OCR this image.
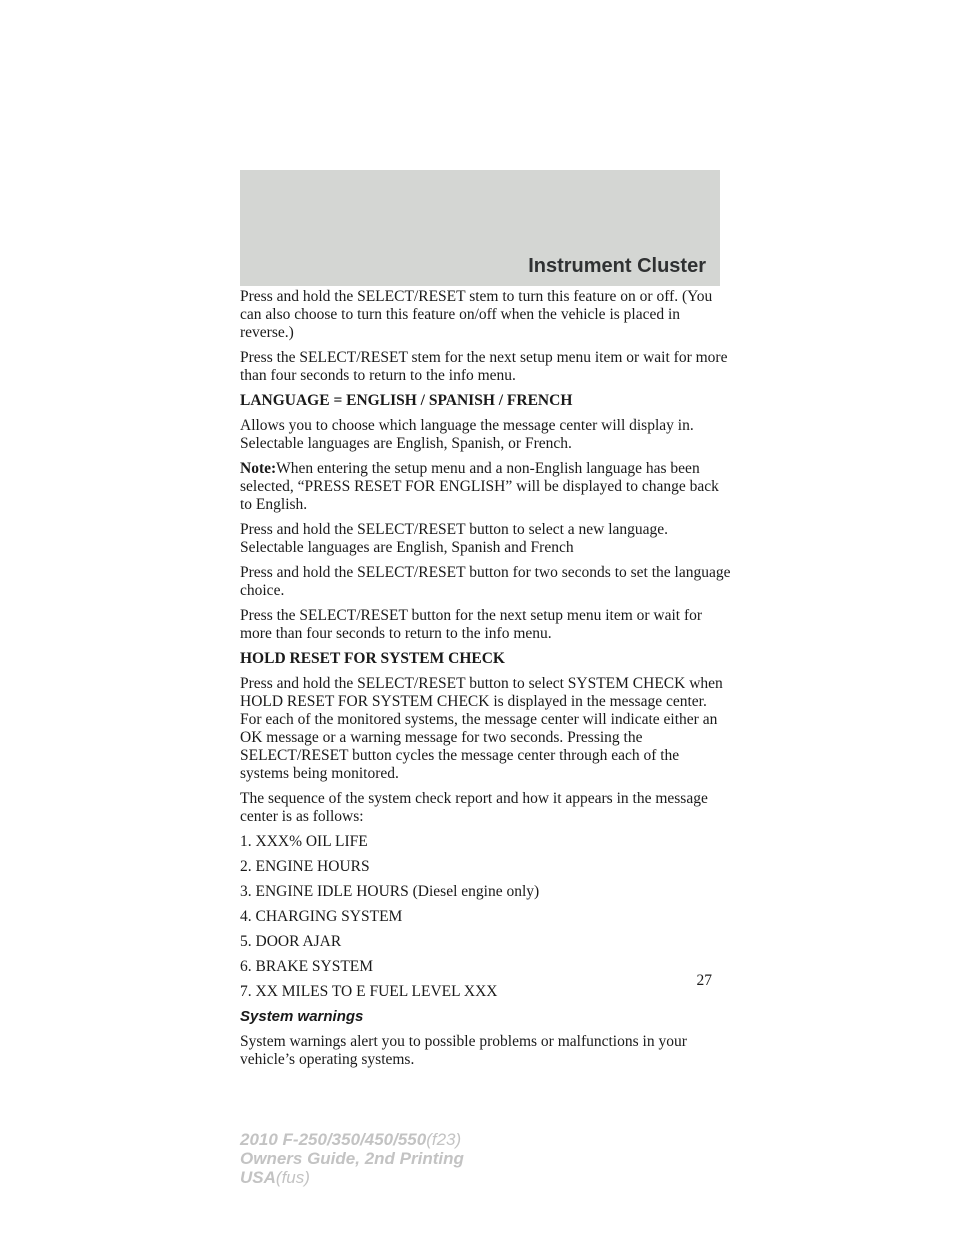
Instrument Cluster

Press and hold the SELECT/RESET stem to turn this feature on or off. (You can also choose to turn this feature on/off when the vehicle is placed in reverse.)

Press the SELECT/RESET stem for the next setup menu item or wait for more than four seconds to return to the info menu.

LANGUAGE = ENGLISH / SPANISH / FRENCH

Allows you to choose which language the message center will display in. Selectable languages are English, Spanish, or French.

Note:When entering the setup menu and a non-English language has been selected, “PRESS RESET FOR ENGLISH” will be displayed to change back to English.

Press and hold the SELECT/RESET button to select a new language. Selectable languages are English, Spanish and French

Press and hold the SELECT/RESET button for two seconds to set the language choice.

Press the SELECT/RESET button for the next setup menu item or wait for more than four seconds to return to the info menu.

HOLD RESET FOR SYSTEM CHECK

Press and hold the SELECT/RESET button to select SYSTEM CHECK when HOLD RESET FOR SYSTEM CHECK is displayed in the message center. For each of the monitored systems, the message center will indicate either an OK message or a warning message for two seconds. Pressing the SELECT/RESET button cycles the message center through each of the systems being monitored.

The sequence of the system check report and how it appears in the message center is as follows:

1. XXX% OIL LIFE

2. ENGINE HOURS

3. ENGINE IDLE HOURS (Diesel engine only)

4. CHARGING SYSTEM

5. DOOR AJAR

6. BRAKE SYSTEM

7. XX MILES TO E FUEL LEVEL XXX

System warnings

System warnings alert you to possible problems or malfunctions in your vehicle’s operating systems.

27
2010 F-250/350/450/550(f23)
Owners Guide, 2nd Printing
USA(fus)
